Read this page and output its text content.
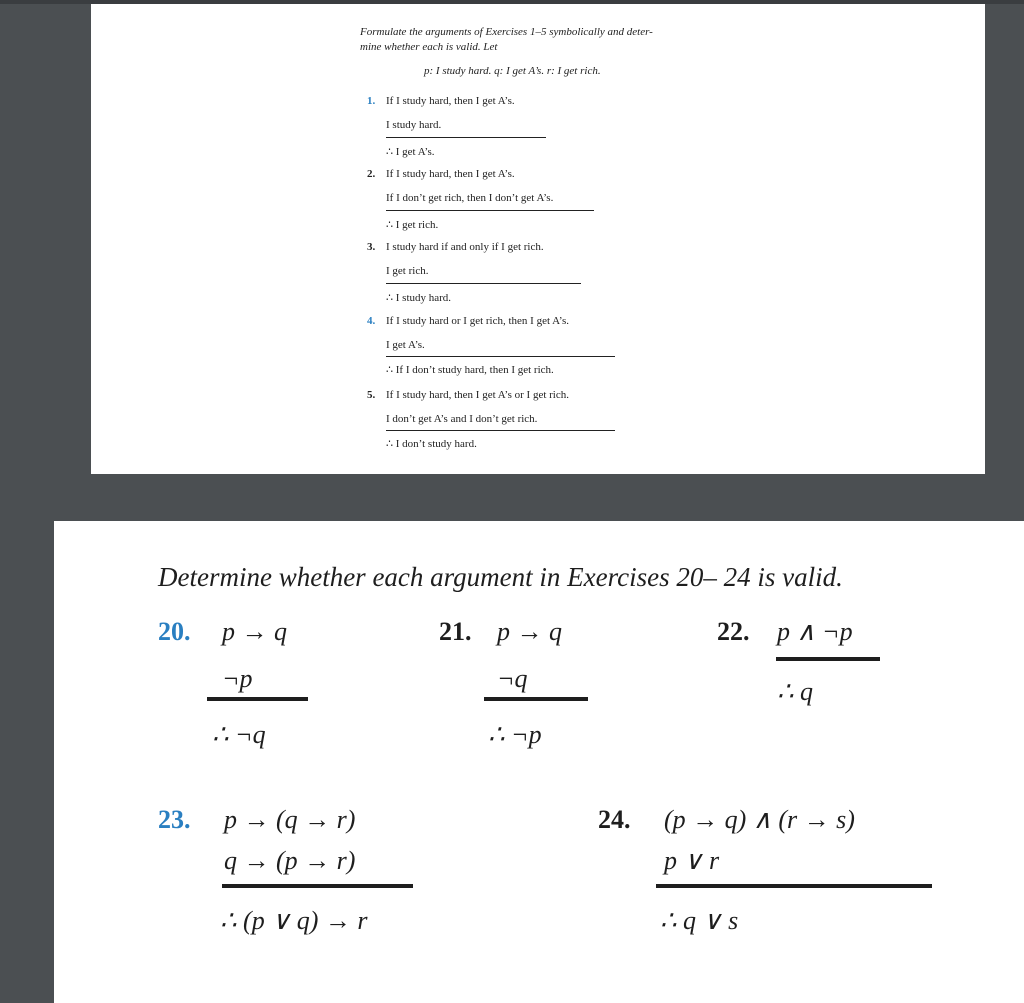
Formulate the arguments of Exercises 1–5 symbolically and deter-
mine whether each is valid. Let
p: I study hard. q: I get A’s. r: I get rich.
1. If I study hard, then I get A’s.
I study hard.
∴ I get A’s.
2. If I study hard, then I get A’s.
If I don’t get rich, then I don’t get A’s.
∴ I get rich.
3. I study hard if and only if I get rich.
I get rich.
∴ I study hard.
4. If I study hard or I get rich, then I get A’s.
I get A’s.
∴ If I don’t study hard, then I get rich.
5. If I study hard, then I get A’s or I get rich.
I don’t get A’s and I don’t get rich.
∴ I don’t study hard.
Determine whether each argument in Exercises 20– 24 is valid.
20. p → q
¬p
∴ ¬q
21. p → q
¬q
∴ ¬p
22. p ∧ ¬p
∴ q
23. p → (q → r)
q → (p → r)
∴ (p ∨ q) → r
24. (p → q) ∧ (r → s)
p ∨ r
∴ q ∨ s
